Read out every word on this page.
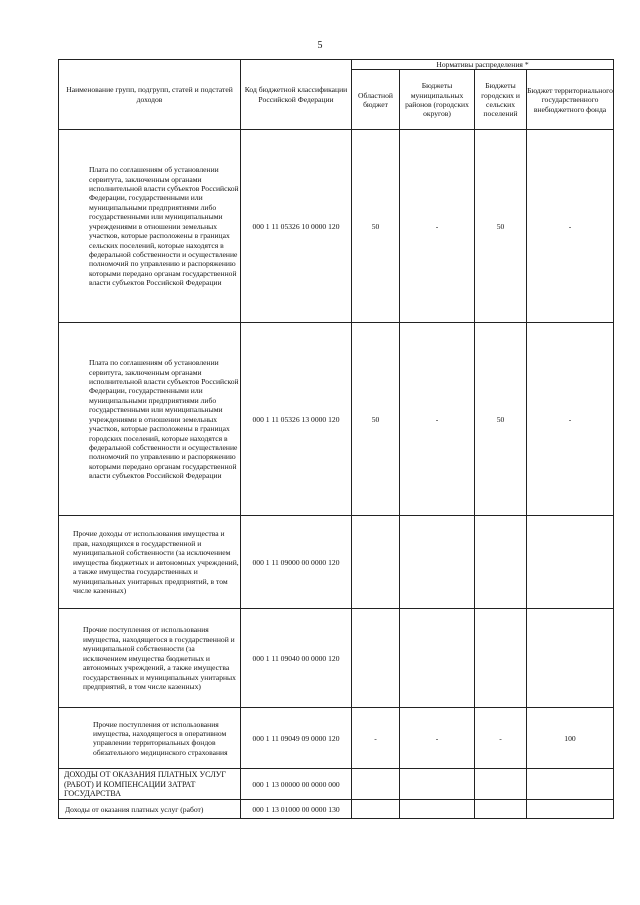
5
Наименование групп, подгрупп, статей и подстатей доходов	Код бюджетной классификации Российской Федерации	Нормативы распределения *			
		Областной бюджет	Бюджеты муниципальных районов (городских округов)	Бюджеты городских и сельских поселений	Бюджет территориального государственного внебюджетного фонда
Плата по соглашениям об установлении сервитута, заключенным органами исполнительной власти субъектов Российской Федерации, государственными или муниципальными предприятиями либо государственными или муниципальными учреждениями в отношении земельных участков, которые расположены в границах сельских поселений, которые находятся в федеральной собственности и осуществление полномочий по управлению и распоряжению которыми передано органам государственной власти субъектов Российской Федерации	000 1 11 05326 10 0000 120	50	-	50	-
Плата по соглашениям об установлении сервитута, заключенным органами исполнительной власти субъектов Российской Федерации, государственными или муниципальными предприятиями либо государственными или муниципальными учреждениями в отношении земельных участков, которые расположены в границах городских поселений, которые находятся в федеральной собственности и осуществление полномочий по управлению и распоряжению которыми передано органам государственной власти субъектов Российской Федерации	000 1 11 05326 13 0000 120	50	-	50	-
Прочие доходы от использования имущества и прав, находящихся в государственной и муниципальной собственности (за исключением имущества бюджетных и автономных учреждений, а также имущества государственных и муниципальных унитарных предприятий, в том числе казенных)	000 1 11 09000 00 0000 120				
Прочие поступления от использования имущества, находящегося в государственной и муниципальной собственности (за исключением имущества бюджетных и автономных учреждений, а также имущества государственных и муниципальных унитарных предприятий, в том числе казенных)	000 1 11 09040 00 0000 120				
Прочие поступления от использования имущества, находящегося в оперативном управлении территориальных фондов обязательного медицинского страхования	000 1 11 09049 09 0000 120	-	-	-	100
ДОХОДЫ ОТ ОКАЗАНИЯ ПЛАТНЫХ УСЛУГ (РАБОТ) И КОМПЕНСАЦИИ ЗАТРАТ ГОСУДАРСТВА	000 1 13 00000 00 0000 000				
Доходы от оказания платных услуг (работ)	000 1 13 01000 00 0000 130				
